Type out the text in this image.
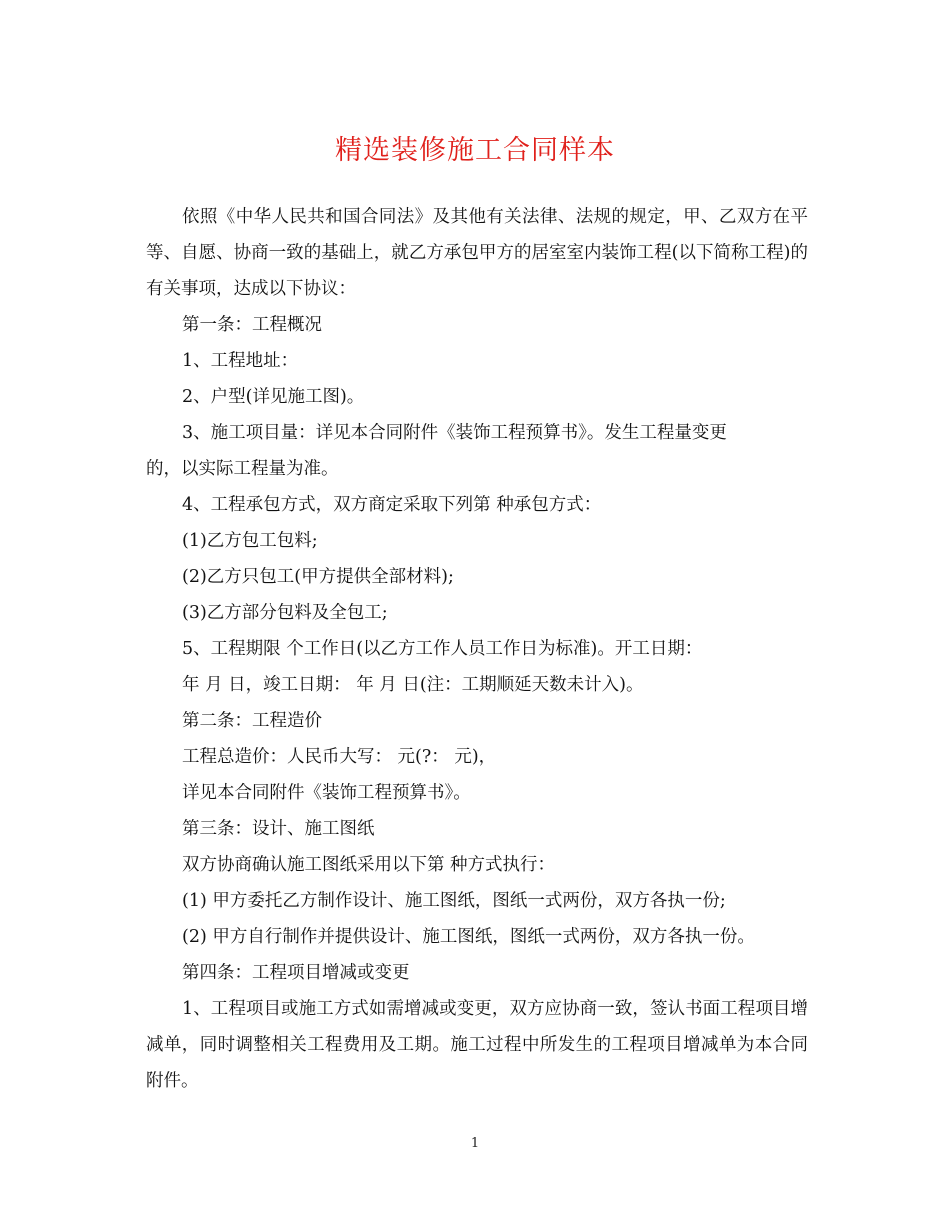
精选装修施工合同样本

依照《中华人民共和国合同法》及其他有关法律、法规的规定，甲、乙双方在平等、自愿、协商一致的基础上，就乙方承包甲方的居室室内装饰工程(以下简称工程)的有关事项，达成以下协议：

第一条：工程概况

1、工程地址：

2、户型(详见施工图)。

3、施工项目量：详见本合同附件《装饰工程预算书》。发生工程量变更

的，以实际工程量为准。

4、工程承包方式，双方商定采取下列第 种承包方式：

(1)乙方包工包料;

(2)乙方只包工(甲方提供全部材料);

(3)乙方部分包料及全包工;

5、工程期限 个工作日(以乙方工作人员工作日为标准)。开工日期：

年 月 日，竣工日期： 年 月 日(注：工期顺延天数未计入)。

第二条：工程造价

工程总造价：人民币大写： 元(?： 元)，

详见本合同附件《装饰工程预算书》。

第三条：设计、施工图纸

双方协商确认施工图纸采用以下第 种方式执行：

(1) 甲方委托乙方制作设计、施工图纸，图纸一式两份，双方各执一份;

(2) 甲方自行制作并提供设计、施工图纸，图纸一式两份，双方各执一份。

第四条：工程项目增减或变更

1、工程项目或施工方式如需增减或变更，双方应协商一致，签认书面工程项目增减单，同时调整相关工程费用及工期。施工过程中所发生的工程项目增减单为本合同附件。

1
